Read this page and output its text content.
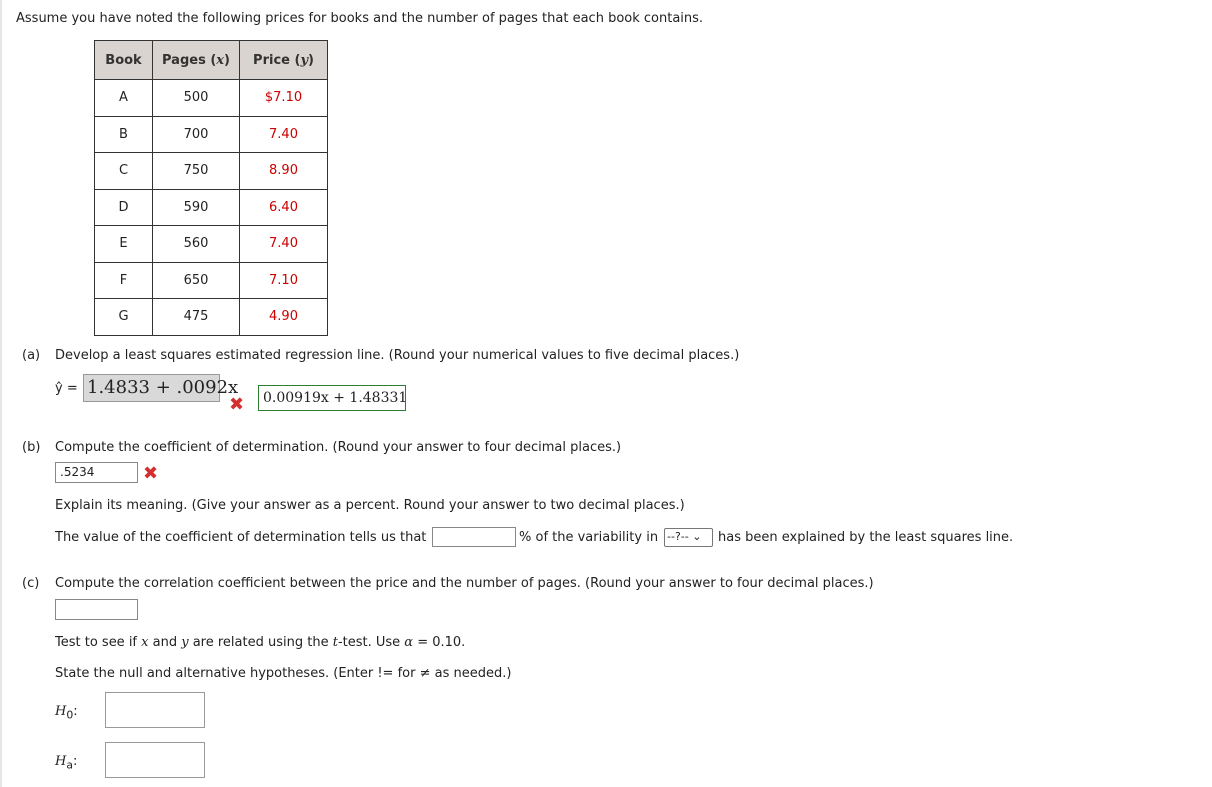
Assume you have noted the following prices for books and the number of pages that each book contains.
Book	Pages (x)	Price (y)
A	500	$7.10
B	700	7.40
C	750	8.90
D	590	6.40
E	560	7.40
F	650	7.10
G	475	4.90
(a) Develop a least squares estimated regression line. (Round your numerical values to five decimal places.)
ŷ = 1.4833 + .0092x
✖	0.00919x + 1.48331
(b) Compute the coefficient of determination. (Round your answer to four decimal places.)
.5234	✖
Explain its meaning. (Give your answer as a percent. Round your answer to two decimal places.)
The value of the coefficient of determination tells us that	% of the variability in --?-- ⌄	has been explained by the least squares line.
(c) Compute the correlation coefficient between the price and the number of pages. (Round your answer to four decimal places.)
Test to see if x and y are related using the t-test. Use α = 0.10.
State the null and alternative hypotheses. (Enter != for ≠ as needed.)
$H_0$:
$H_a$:
